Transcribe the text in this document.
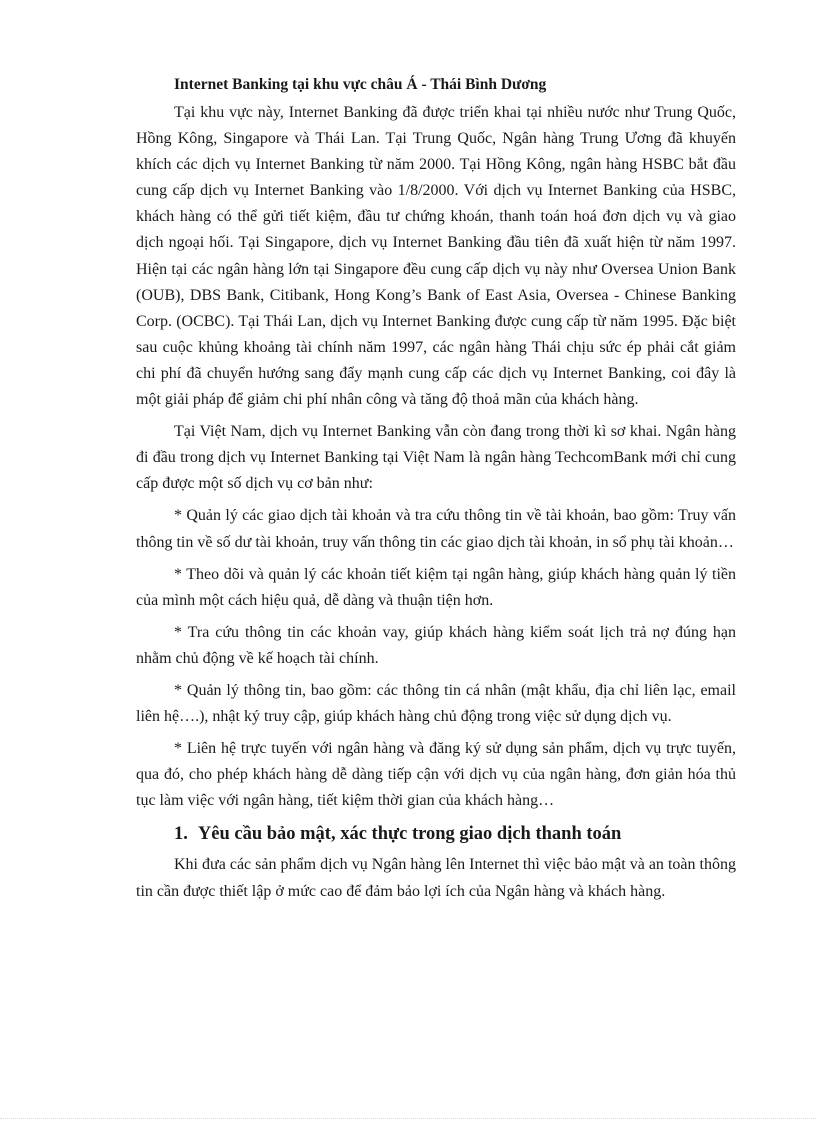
Internet Banking tại khu vực châu Á - Thái Bình Dương

Tại khu vực này, Internet Banking đã được triển khai tại nhiều nước như Trung Quốc, Hồng Kông, Singapore và Thái Lan. Tại Trung Quốc, Ngân hàng Trung Ương đã khuyến khích các dịch vụ Internet Banking từ năm 2000. Tại Hồng Kông, ngân hàng HSBC bắt đầu cung cấp dịch vụ Internet Banking vào 1/8/2000. Với dịch vụ Internet Banking của HSBC, khách hàng có thể gửi tiết kiệm, đầu tư chứng khoán, thanh toán hoá đơn dịch vụ và giao dịch ngoại hối. Tại Singapore, dịch vụ Internet Banking đầu tiên đã xuất hiện từ năm 1997. Hiện tại các ngân hàng lớn tại Singapore đều cung cấp dịch vụ này như Oversea Union Bank (OUB), DBS Bank, Citibank, Hong Kong’s Bank of East Asia, Oversea - Chinese Banking Corp. (OCBC). Tại Thái Lan, dịch vụ Internet Banking được cung cấp từ năm 1995. Đặc biệt sau cuộc khủng khoảng tài chính năm 1997, các ngân hàng Thái chịu sức ép phải cắt giảm chi phí đã chuyển hướng sang đẩy mạnh cung cấp các dịch vụ Internet Banking, coi đây là một giải pháp để giảm chi phí nhân công và tăng độ thoả mãn của khách hàng.

Tại Việt Nam, dịch vụ Internet Banking vẫn còn đang trong thời kì sơ khai. Ngân hàng đi đầu trong dịch vụ Internet Banking tại Việt Nam là ngân hàng TechcomBank mới chỉ cung cấp được một số dịch vụ cơ bản như:

* Quản lý các giao dịch tài khoản và tra cứu thông tin về tài khoản, bao gồm: Truy vấn thông tin về số dư tài khoản, truy vấn thông tin các giao dịch tài khoản, in sổ phụ tài khoản…

* Theo dõi và quản lý các khoản tiết kiệm tại ngân hàng, giúp khách hàng quản lý tiền của mình một cách hiệu quả, dễ dàng và thuận tiện hơn.

* Tra cứu thông tin các khoản vay, giúp khách hàng kiểm soát lịch trả nợ đúng hạn nhằm chủ động về kế hoạch tài chính.

* Quản lý thông tin, bao gồm: các thông tin cá nhân (mật khẩu, địa chỉ liên lạc, email liên hệ….), nhật ký truy cập, giúp khách hàng chủ động trong việc sử dụng dịch vụ.

* Liên hệ trực tuyến với ngân hàng và đăng ký sử dụng sản phẩm, dịch vụ trực tuyến, qua đó, cho phép khách hàng dễ dàng tiếp cận với dịch vụ của ngân hàng, đơn giản hóa thủ tục làm việc với ngân hàng, tiết kiệm thời gian của khách hàng…

1. Yêu cầu bảo mật, xác thực trong giao dịch thanh toán

Khi đưa các sản phẩm dịch vụ Ngân hàng lên Internet thì việc bảo mật và an toàn thông tin cần được thiết lập ở mức cao để đảm bảo lợi ích của Ngân hàng và khách hàng.
